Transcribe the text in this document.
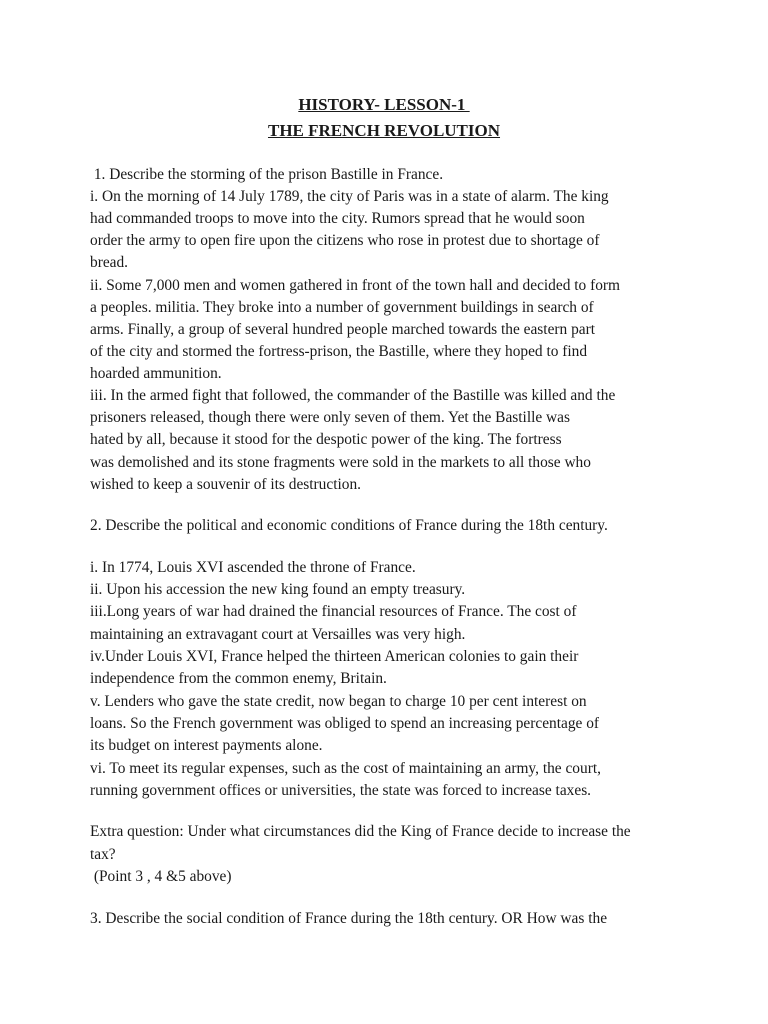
HISTORY- LESSON-1
THE FRENCH REVOLUTION
1. Describe the storming of the prison Bastille in France.
i. On the morning of 14 July 1789, the city of Paris was in a state of alarm. The king
had commanded troops to move into the city. Rumors spread that he would soon
order the army to open fire upon the citizens who rose in protest due to shortage of
bread.
ii. Some 7,000 men and women gathered in front of the town hall and decided to form
a peoples. militia. They broke into a number of government buildings in search of
arms. Finally, a group of several hundred people marched towards the eastern part
of the city and stormed the fortress-prison, the Bastille, where they hoped to find
hoarded ammunition.
iii. In the armed fight that followed, the commander of the Bastille was killed and the
prisoners released, though there were only seven of them. Yet the Bastille was
hated by all, because it stood for the despotic power of the king. The fortress
was demolished and its stone fragments were sold in the markets to all those who
wished to keep a souvenir of its destruction.
2. Describe the political and economic conditions of France during the 18th century.
i. In 1774, Louis XVI ascended the throne of France.
ii. Upon his accession the new king found an empty treasury.
iii.Long years of war had drained the financial resources of France. The cost of
maintaining an extravagant court at Versailles was very high.
iv.Under Louis XVI, France helped the thirteen American colonies to gain their
independence from the common enemy, Britain.
v. Lenders who gave the state credit, now began to charge 10 per cent interest on
loans. So the French government was obliged to spend an increasing percentage of
its budget on interest payments alone.
vi. To meet its regular expenses, such as the cost of maintaining an army, the court,
running government offices or universities, the state was forced to increase taxes.
Extra question: Under what circumstances did the King of France decide to increase the
tax?
(Point 3 , 4 &5 above)
3. Describe the social condition of France during the 18th century. OR How was the
